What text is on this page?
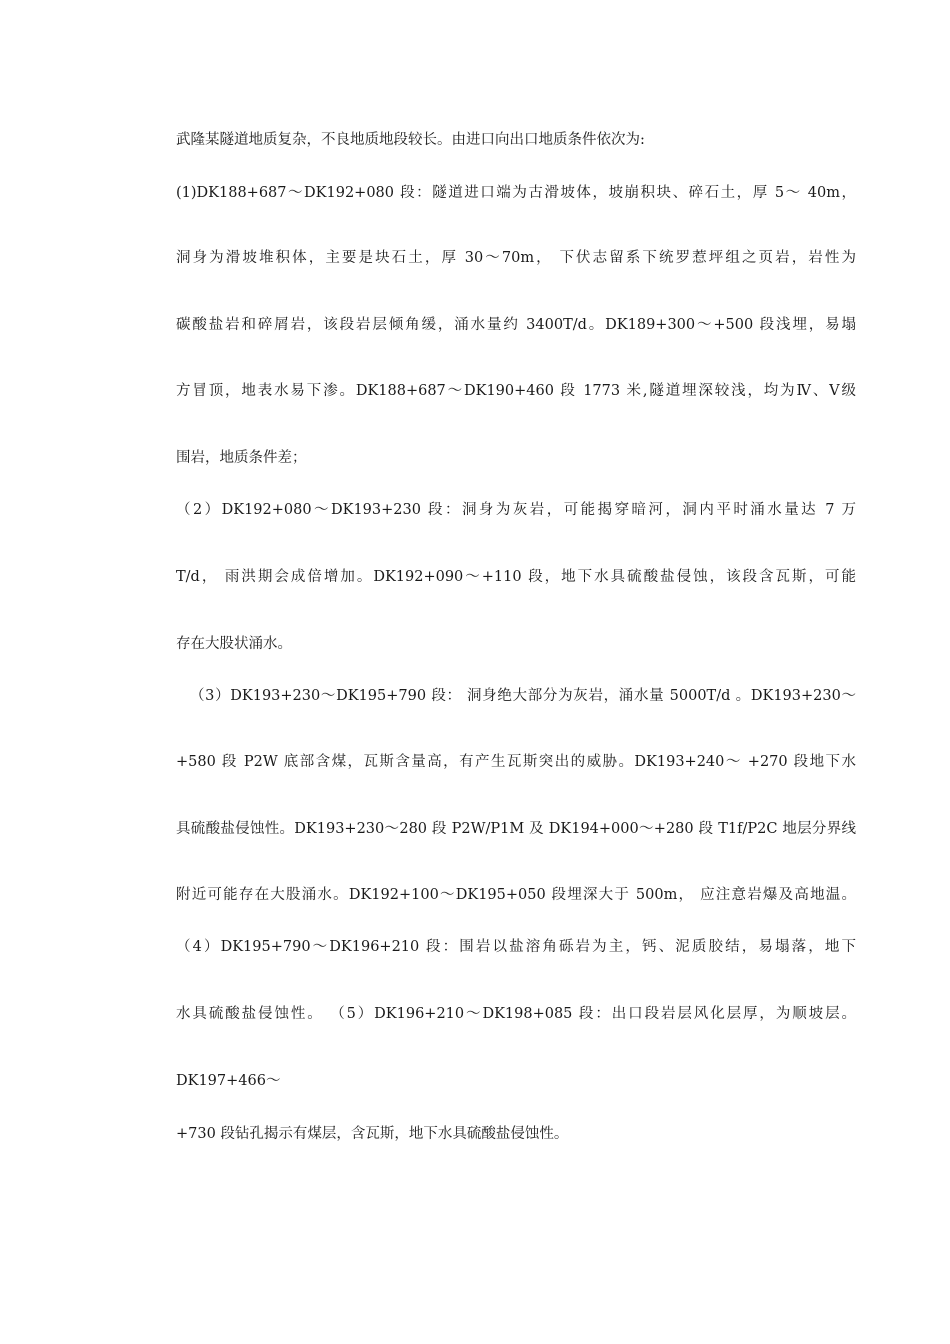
武隆某隧道地质复杂，不良地质地段较长。由进口向出口地质条件依次为:
(1)DK188+687～DK192+080 段：隧道进口端为古滑坡体，坡崩积块、碎石土，厚 5～ 40m，
洞身为滑坡堆积体，主要是块石土，厚 30～70m， 下伏志留系下统罗惹坪组之页岩，岩性为
碳酸盐岩和碎屑岩，该段岩层倾角缓，涌水量约 3400T/d。DK189+300～+500 段浅埋，易塌
方冒顶，地表水易下渗。DK188+687～DK190+460 段 1773 米,隧道埋深较浅，均为Ⅳ、Ⅴ级
围岩，地质条件差；
（2）DK192+080～DK193+230 段：洞身为灰岩，可能揭穿暗河，洞内平时涌水量达 7 万
T/d， 雨洪期会成倍增加。DK192+090～+110 段，地下水具硫酸盐侵蚀，该段含瓦斯，可能
存在大股状涌水。
（3）DK193+230～DK195+790 段： 洞身绝大部分为灰岩，涌水量 5000T/d 。DK193+230～
+580 段 P2W 底部含煤，瓦斯含量高，有产生瓦斯突出的威胁。DK193+240～ +270 段地下水
具硫酸盐侵蚀性。DK193+230～280 段 P2W/P1M 及 DK194+000～+280 段 T1f/P2C 地层分界线
附近可能存在大股涌水。DK192+100～DK195+050 段埋深大于 500m， 应注意岩爆及高地温。
（4）DK195+790～DK196+210 段：围岩以盐溶角砾岩为主，钙、泥质胶结，易塌落，地下
水具硫酸盐侵蚀性。 （5）DK196+210～DK198+085 段：出口段岩层风化层厚，为顺坡层。
DK197+466～
+730 段钻孔揭示有煤层，含瓦斯，地下水具硫酸盐侵蚀性。
